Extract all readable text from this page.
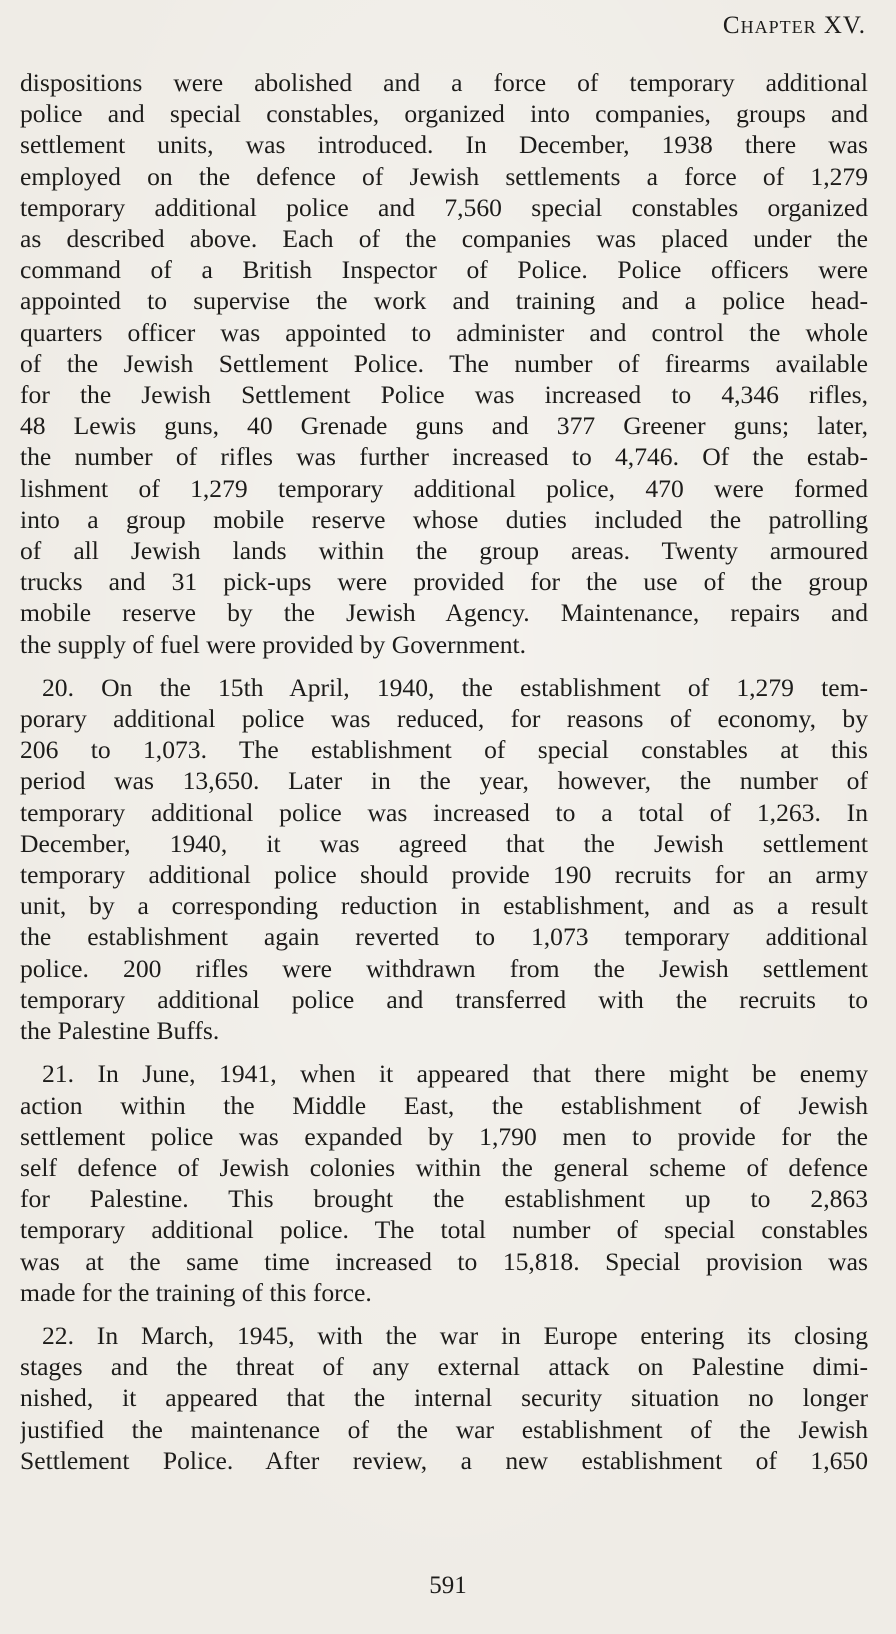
Chapter XV.
dispositions were abolished and a force of temporary additional
police and special constables, organized into companies, groups and
settlement units, was introduced. In December, 1938 there was
employed on the defence of Jewish settlements a force of 1,279
temporary additional police and 7,560 special constables organized
as described above. Each of the companies was placed under the
command of a British Inspector of Police. Police officers were
appointed to supervise the work and training and a police head-
quarters officer was appointed to administer and control the whole
of the Jewish Settlement Police. The number of firearms available
for the Jewish Settlement Police was increased to 4,346 rifles,
48 Lewis guns, 40 Grenade guns and 377 Greener guns; later,
the number of rifles was further increased to 4,746. Of the estab-
lishment of 1,279 temporary additional police, 470 were formed
into a group mobile reserve whose duties included the patrolling
of all Jewish lands within the group areas. Twenty armoured
trucks and 31 pick-ups were provided for the use of the group
mobile reserve by the Jewish Agency. Maintenance, repairs and
the supply of fuel were provided by Government.
20. On the 15th April, 1940, the establishment of 1,279 tem-
porary additional police was reduced, for reasons of economy, by
206 to 1,073. The establishment of special constables at this
period was 13,650. Later in the year, however, the number of
temporary additional police was increased to a total of 1,263. In
December, 1940, it was agreed that the Jewish settlement
temporary additional police should provide 190 recruits for an army
unit, by a corresponding reduction in establishment, and as a result
the establishment again reverted to 1,073 temporary additional
police. 200 rifles were withdrawn from the Jewish settlement
temporary additional police and transferred with the recruits to
the Palestine Buffs.
21. In June, 1941, when it appeared that there might be enemy
action within the Middle East, the establishment of Jewish
settlement police was expanded by 1,790 men to provide for the
self defence of Jewish colonies within the general scheme of defence
for Palestine. This brought the establishment up to 2,863
temporary additional police. The total number of special constables
was at the same time increased to 15,818. Special provision was
made for the training of this force.
22. In March, 1945, with the war in Europe entering its closing
stages and the threat of any external attack on Palestine dimi-
nished, it appeared that the internal security situation no longer
justified the maintenance of the war establishment of the Jewish
Settlement Police. After review, a new establishment of 1,650
591
